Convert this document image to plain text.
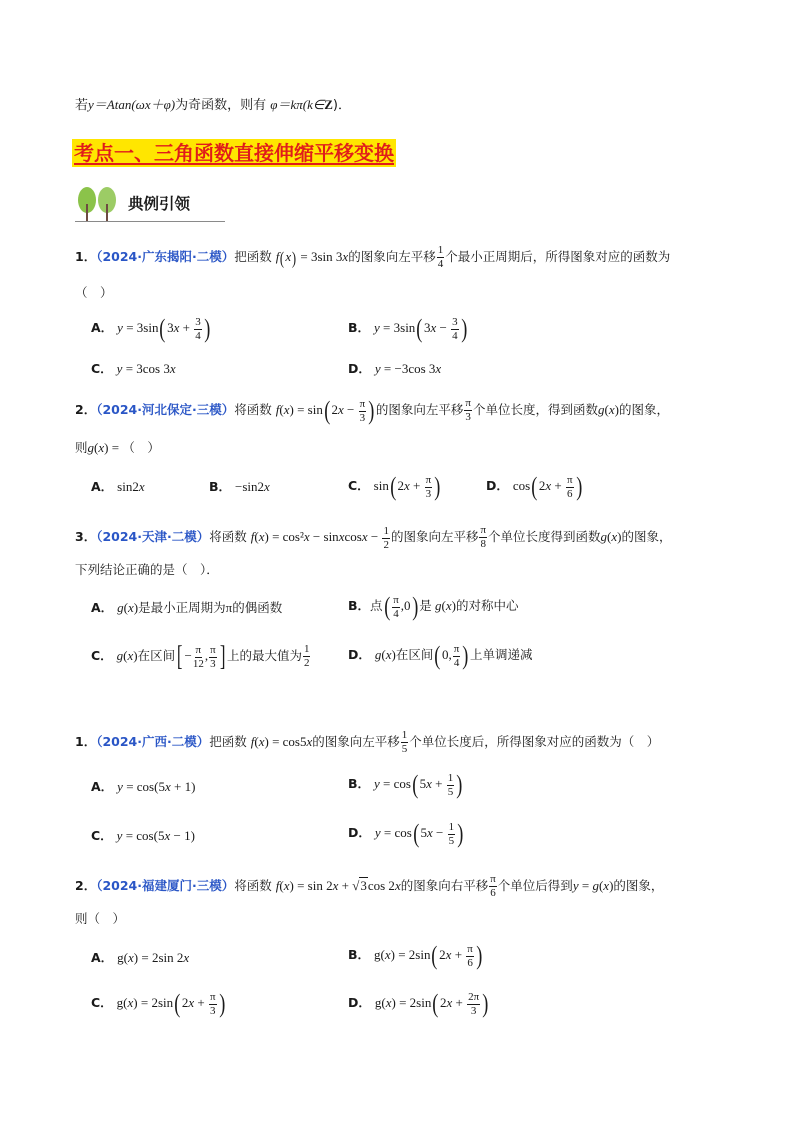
若y＝Atan(ωx＋φ)为奇函数，则有 φ＝kπ(k∈Z)．
考点一、三角函数直接伸缩平移变换
典例引领
1．（2024·广东揭阳·二模）把函数 f(x) = 3sin 3x的图象向左平移 $\frac{1}{4}$ 个最小正周期后，所得图象对应的函数为
（　）
A． $y = 3\sin(3x + \frac{3}{4}$ )	B． $y = 3\sin(3x - \frac{3}{4}$ )
C． y = 3cos 3x	D． y = −3cos 3x
2．（2024·河北保定·三模）将函数 $f(x) = \sin(2x - \frac{\pi}{3}$ )的图象向左平移 $\frac{\pi}{3}$ 个单位长度，得到函数g(x)的图象，
则g(x) = （　）
A． sin2x	B． −sin2x	C． $\sin(2x + \frac{\pi}{3}$ )	D． $\cos(2x + \frac{\pi}{6}$ )
3．（2024·天津·二模）将函数 f(x) = cos²x − sinxcosx − $\frac{1}{2}$ 的图象向左平移 $\frac{\pi}{8}$ 个单位长度得到函数g(x)的图象，
下列结论正确的是（　）．
A． g(x)是最小正周期为π的偶函数	B．点( $\frac{\pi}{4} ,0$)是 g(x)的对称中心
C． g(x)在区间[ − $\frac{\pi}{12}$ , $\frac{\pi}{3}$ ] 上的最大值为 $\frac{1}{2}$	D． g(x)在区间(0, $\frac{\pi}{4}$ )上单调递减
1．（2024·广西·二模）把函数 f(x) = cos5x的图象向左平移 $\frac{1}{5}$ 个单位长度后，所得图象对应的函数为（　）
A． y = cos(5x + 1)	B． $y = \cos(5x + \frac{1}{5}$ )
C． y = cos(5x − 1)	D． $y = \cos(5x - \frac{1}{5}$ )
2．（2024·福建厦门·三模）将函数 f(x) = sin 2x + √3cos 2x的图象向右平移 $\frac{\pi}{6}$ 个单位后得到y = g(x)的图象，
则（　）
A． g(x) = 2sin 2x	B． $g(x) = 2\sin(2x + \frac{\pi}{6}$ )
C． $g(x) = 2\sin(2x + \frac{\pi}{3}$ )	D． $g(x) = 2\sin(2x + \frac{2\pi}{3}$ )
